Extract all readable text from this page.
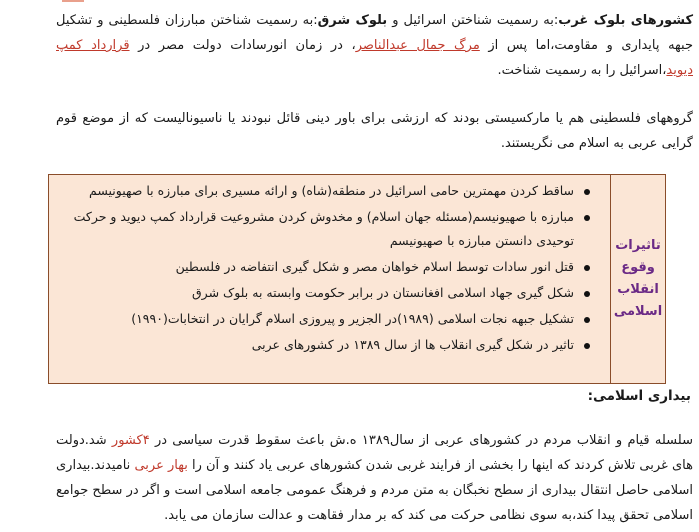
کشورهای بلوک غرب:به رسمیت شناختن اسرائیل و بلوک شرق:به رسمیت شناختن مبارزان فلسطینی و تشکیل جبهه پایداری و مقاومت،اما پس از مرگ جمال عبدالناصر، در زمان انورسادات دولت مصر در قرارداد کمپ دیوید،اسرائیل را به رسمیت شناخت.

گروههای فلسطینی هم یا مارکسیستی بودند که ارزشی برای باور دینی قائل نبودند یا ناسیونالیست که از موضع قوم گرایی عربی به اسلام می نگریستند.

تاثیرات
وقوع
انقلاب
اسلامی
ساقط کردن مهمترین حامی اسرائیل در منطقه(شاه) و ارائه مسیری برای مبارزه با صهیونیسم
مبارزه با صهیونیسم(مسئله جهان اسلام) و مخدوش کردن مشروعیت قرارداد کمپ دیوید و حرکت توحیدی دانستن مبارزه با صهیونیسم
قتل انور سادات توسط اسلام خواهان مصر و شکل گیری انتفاضه در فلسطین
شکل گیری جهاد اسلامی افغانستان در برابر حکومت وابسته به بلوک شرق
تشکیل جبهه نجات اسلامی (۱۹۸۹)در الجزیر و پیروزی اسلام گرایان در انتخابات(۱۹۹۰)
تاثیر در شکل گیری انقلاب ها از سال ۱۳۸۹ در کشورهای عربی
بیداری اسلامی:

سلسله قیام و انقلاب مردم در کشورهای عربی از سال۱۳۸۹ ه.ش باعث سقوط قدرت سیاسی در ۴کشور شد.دولت های غربی تلاش کردند که اینها را بخشی از فرایند غربی شدن کشورهای عربی یاد کنند و آن را بهار عربی نامیدند.بیداری اسلامی حاصل انتقال بیداری از سطح نخبگان به متن مردم و فرهنگ عمومی جامعه اسلامی است و اگر در سطح جوامع اسلامی تحقق پیدا کند،به سوی نظامی حرکت می کند که بر مدار فقاهت و عدالت سازمان می یابد.
